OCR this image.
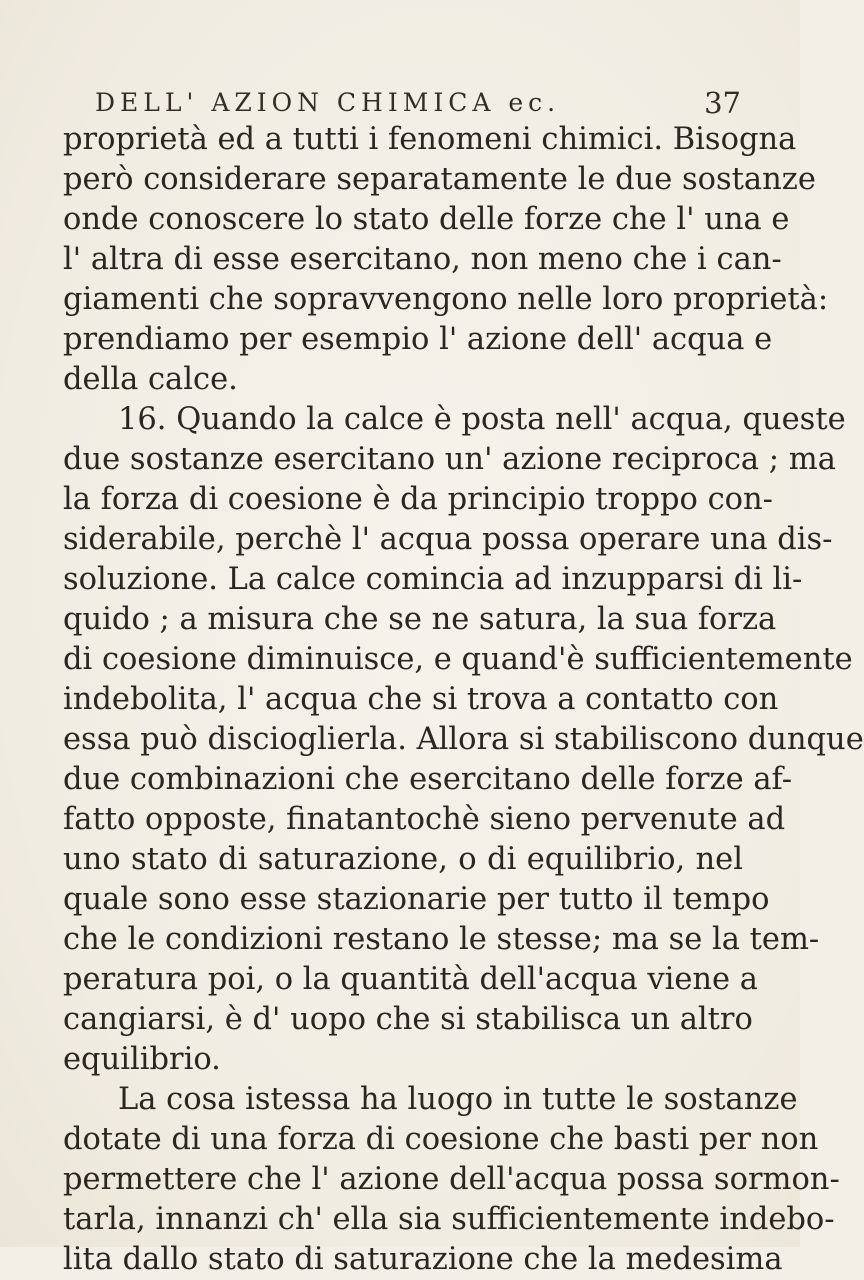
DELL' AZION CHIMICA ec.	37
proprietà ed a tutti i fenomeni chimici. Bisogna
però considerare separatamente le due sostanze
onde conoscere lo stato delle forze che l' una e
l' altra di esse esercitano, non meno che i can-
giamenti che sopravvengono nelle loro proprietà:
prendiamo per esempio l' azione dell' acqua e
della calce.
16. Quando la calce è posta nell' acqua, queste
due sostanze esercitano un' azione reciproca ; ma
la forza di coesione è da principio troppo con-
siderabile, perchè l' acqua possa operare una dis-
soluzione. La calce comincia ad inzupparsi di li-
quido ; a misura che se ne satura, la sua forza
di coesione diminuisce, e quand'è sufficientemente
indebolita, l' acqua che si trova a contatto con
essa può discioglierla. Allora si stabiliscono dunque
due combinazioni che esercitano delle forze af-
fatto opposte, finatantochè sieno pervenute ad
uno stato di saturazione, o di equilibrio, nel
quale sono esse stazionarie per tutto il tempo
che le condizioni restano le stesse; ma se la tem-
peratura poi, o la quantità dell'acqua viene a
cangiarsi, è d' uopo che si stabilisca un altro
equilibrio.
La cosa istessa ha luogo in tutte le sostanze
dotate di una forza di coesione che basti per non
permettere che l' azione dell'acqua possa sormon-
tarla, innanzi ch' ella sia sufficientemente indebo-
lita dallo stato di saturazione che la medesima
